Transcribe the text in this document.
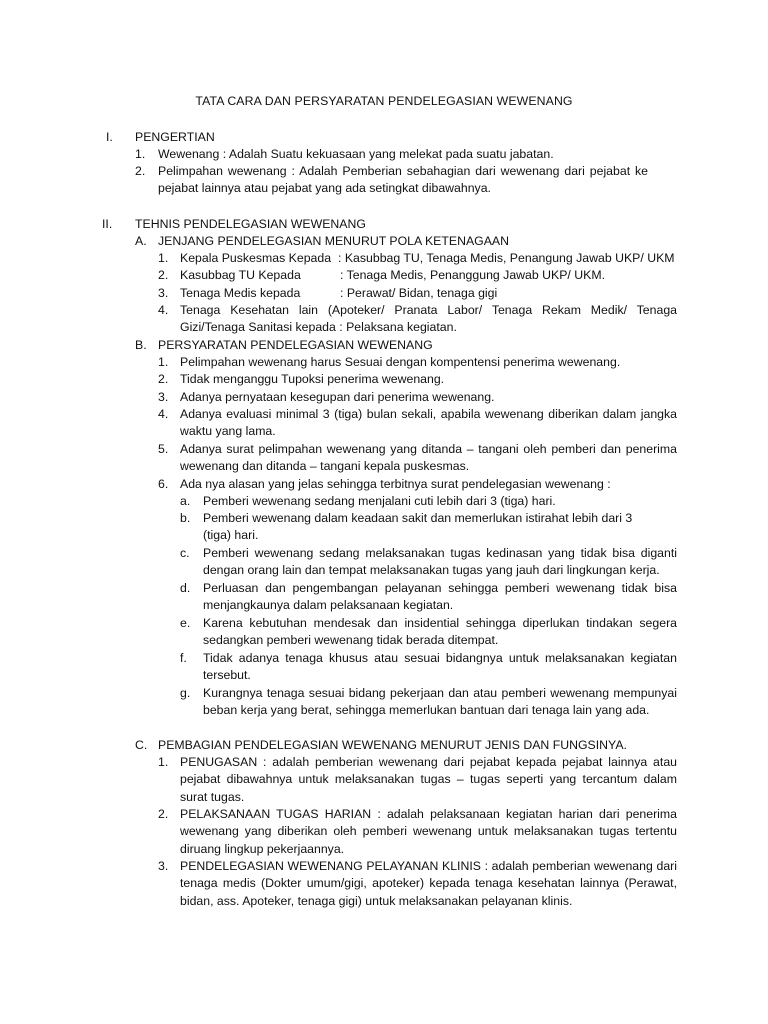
TATA CARA DAN PERSYARATAN PENDELEGASIAN WEWENANG
I. PENGERTIAN
1. Wewenang : Adalah Suatu kekuasaan yang melekat pada suatu jabatan.
2. Pelimpahan wewenang : Adalah Pemberian sebahagian dari wewenang dari pejabat ke pejabat lainnya atau pejabat yang ada setingkat dibawahnya.
II. TEHNIS PENDELEGASIAN WEWENANG
A. JENJANG PENDELEGASIAN MENURUT POLA KETENAGAAN
1. Kepala Puskesmas Kepada : Kasubbag TU, Tenaga Medis, Penangung Jawab UKP/ UKM
2. Kasubbag TU Kepada	: Tenaga Medis, Penanggung Jawab UKP/ UKM.
3. Tenaga Medis kepada	: Perawat/ Bidan, tenaga gigi
4. Tenaga Kesehatan lain (Apoteker/ Pranata Labor/ Tenaga Rekam Medik/ Tenaga Gizi/Tenaga Sanitasi kepada : Pelaksana kegiatan.
B. PERSYARATAN PENDELEGASIAN WEWENANG
1. Pelimpahan wewenang harus Sesuai dengan kompentensi penerima wewenang.
2. Tidak menganggu Tupoksi penerima wewenang.
3. Adanya pernyataan kesegupan dari penerima wewenang.
4. Adanya evaluasi minimal 3 (tiga) bulan sekali, apabila wewenang diberikan dalam jangka waktu yang lama.
5. Adanya surat pelimpahan wewenang yang ditanda – tangani oleh pemberi dan penerima wewenang dan ditanda – tangani kepala puskesmas.
6. Ada nya alasan yang jelas sehingga terbitnya surat pendelegasian wewenang :
a. Pemberi wewenang sedang menjalani cuti lebih dari 3 (tiga) hari.
b. Pemberi wewenang dalam keadaan sakit dan memerlukan istirahat lebih dari 3 (tiga) hari.
c. Pemberi wewenang sedang melaksanakan tugas kedinasan yang tidak bisa diganti dengan orang lain dan tempat melaksanakan tugas yang jauh dari lingkungan kerja.
d. Perluasan dan pengembangan pelayanan sehingga pemberi wewenang tidak bisa menjangkaunya dalam pelaksanaan kegiatan.
e. Karena kebutuhan mendesak dan insidential sehingga diperlukan tindakan segera sedangkan pemberi wewenang tidak berada ditempat.
f. Tidak adanya tenaga khusus atau sesuai bidangnya untuk melaksanakan kegiatan tersebut.
g. Kurangnya tenaga sesuai bidang pekerjaan dan atau pemberi wewenang mempunyai beban kerja yang berat, sehingga memerlukan bantuan dari tenaga lain yang ada.
C. PEMBAGIAN PENDELEGASIAN WEWENANG MENURUT JENIS DAN FUNGSINYA.
1. PENUGASAN : adalah pemberian wewenang dari pejabat kepada pejabat lainnya atau pejabat dibawahnya untuk melaksanakan tugas – tugas seperti yang tercantum dalam surat tugas.
2. PELAKSANAAN TUGAS HARIAN : adalah pelaksanaan kegiatan harian dari penerima wewenang yang diberikan oleh pemberi wewenang untuk melaksanakan tugas tertentu diruang lingkup pekerjaannya.
3. PENDELEGASIAN WEWENANG PELAYANAN KLINIS : adalah pemberian wewenang dari tenaga medis (Dokter umum/gigi, apoteker) kepada tenaga kesehatan lainnya (Perawat, bidan, ass. Apoteker, tenaga gigi) untuk melaksanakan pelayanan klinis.
